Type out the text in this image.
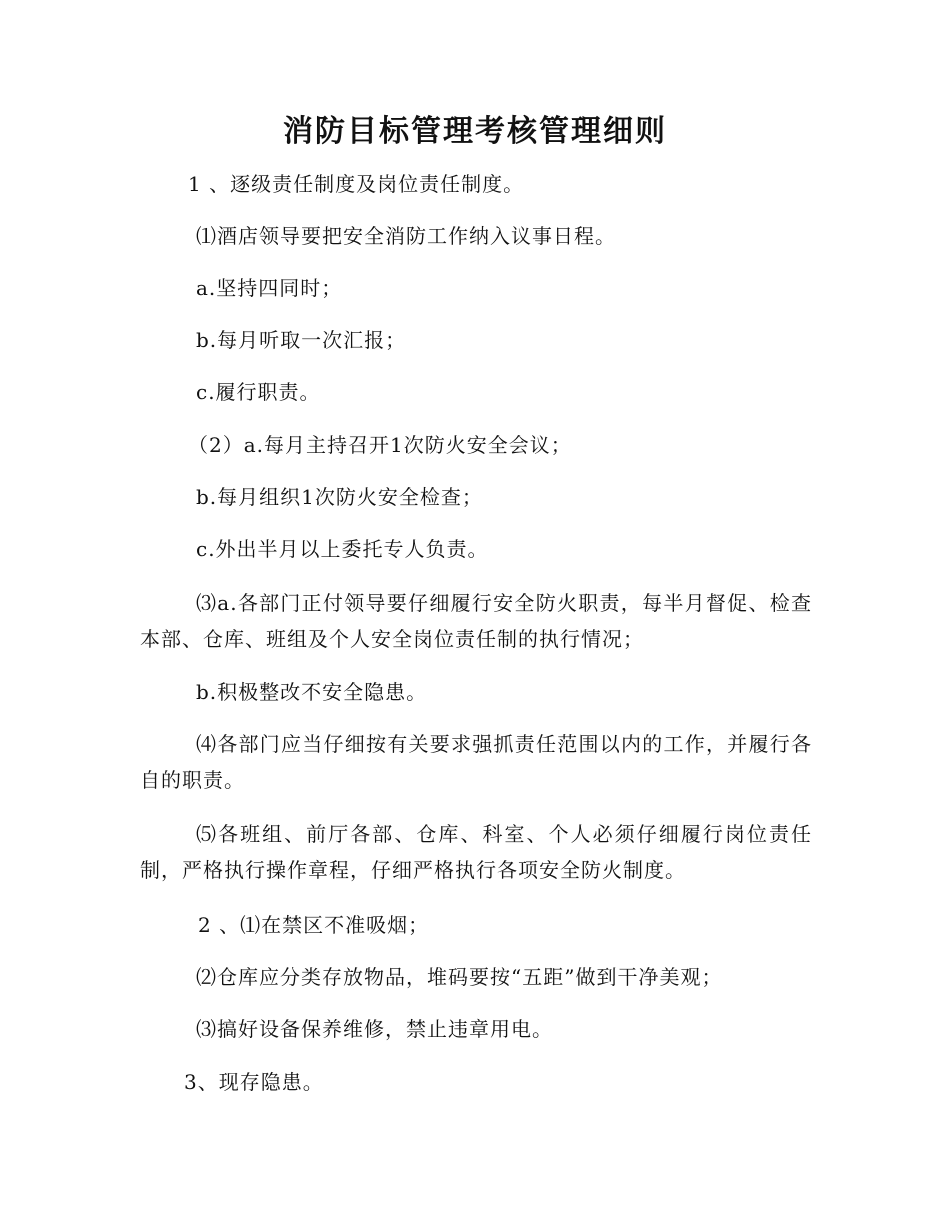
消防目标管理考核管理细则
1 、逐级责任制度及岗位责任制度。
⑴酒店领导要把安全消防工作纳入议事日程。
a.坚持四同时；
b.每月听取一次汇报；
c.履行职责。
（2）a.每月主持召开1次防火安全会议；
b.每月组织1次防火安全检查；
c.外出半月以上委托专人负责。
⑶a.各部门正付领导要仔细履行安全防火职责，每半月督促、检查本部、仓库、班组及个人安全岗位责任制的执行情况；
b.积极整改不安全隐患。
⑷各部门应当仔细按有关要求强抓责任范围以内的工作，并履行各自的职责。
⑸各班组、前厅各部、仓库、科室、个人必须仔细履行岗位责任制，严格执行操作章程，仔细严格执行各项安全防火制度。
2 、⑴在禁区不准吸烟；
⑵仓库应分类存放物品，堆码要按“五距”做到干净美观；
⑶搞好设备保养维修，禁止违章用电。
3、现存隐患。
